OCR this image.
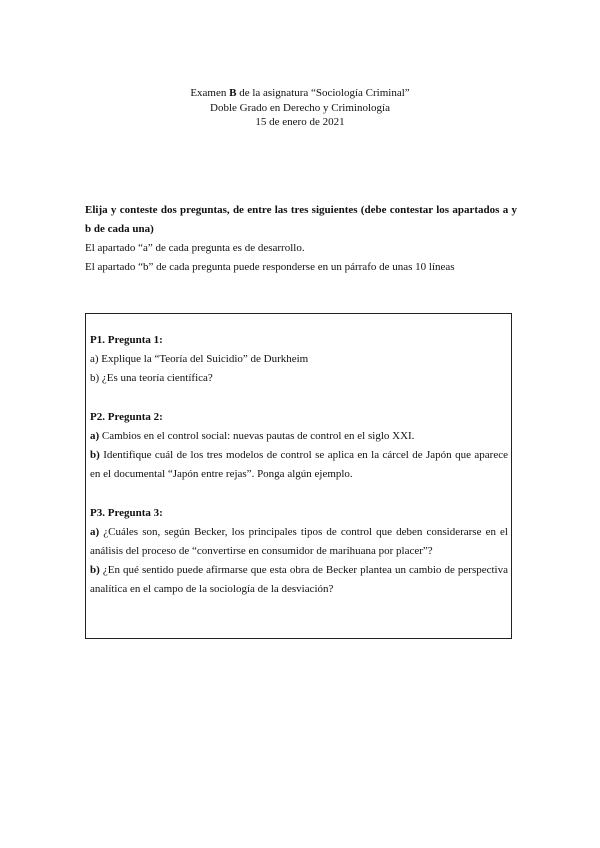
Examen B de la asignatura “Sociología Criminal”
Doble Grado en Derecho y Criminología
15 de enero de 2021
Elija y conteste dos preguntas, de entre las tres siguientes (debe contestar los apartados a y b de cada una)
El apartado “a” de cada pregunta es de desarrollo.
El apartado “b” de cada pregunta puede responderse en un párrafo de unas 10 líneas
P1. Pregunta 1:
a) Explique la “Teoría del Suicidio” de Durkheim
b) ¿Es una teoría científica?
P2. Pregunta 2:
a) Cambios en el control social: nuevas pautas de control en el siglo XXI.
b) Identifique cuál de los tres modelos de control se aplica en la cárcel de Japón que aparece en el documental “Japón entre rejas”. Ponga algún ejemplo.
P3. Pregunta 3:
a) ¿Cuáles son, según Becker, los principales tipos de control que deben considerarse en el análisis del proceso de “convertirse en consumidor de marihuana por placer”?
b) ¿En qué sentido puede afirmarse que esta obra de Becker plantea un cambio de perspectiva analítica en el campo de la sociología de la desviación?
